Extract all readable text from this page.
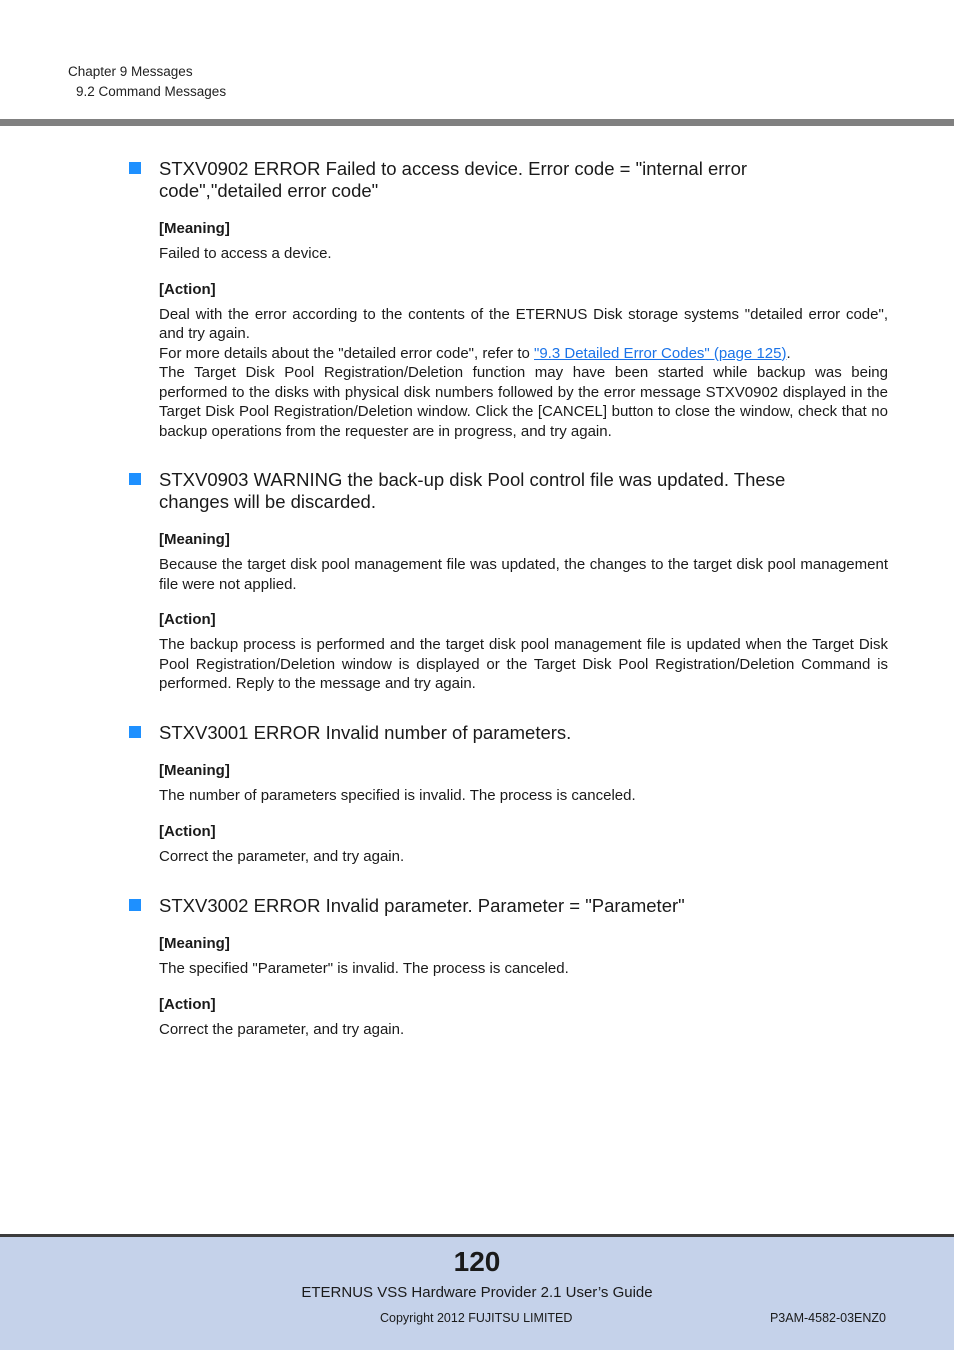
Chapter 9 Messages
9.2 Command Messages
STXV0902 ERROR Failed to access device. Error code = "internal error code","detailed error code"
[Meaning]
Failed to access a device.
[Action]
Deal with the error according to the contents of the ETERNUS Disk storage systems "detailed error code", and try again.
For more details about the "detailed error code", refer to "9.3 Detailed Error Codes" (page 125).
The Target Disk Pool Registration/Deletion function may have been started while backup was being performed to the disks with physical disk numbers followed by the error message STXV0902 displayed in the Target Disk Pool Registration/Deletion window. Click the [CANCEL] button to close the window, check that no backup operations from the requester are in progress, and try again.
STXV0903 WARNING the back-up disk Pool control file was updated. These changes will be discarded.
[Meaning]
Because the target disk pool management file was updated, the changes to the target disk pool management file were not applied.
[Action]
The backup process is performed and the target disk pool management file is updated when the Target Disk Pool Registration/Deletion window is displayed or the Target Disk Pool Registration/Deletion Command is performed. Reply to the message and try again.
STXV3001 ERROR Invalid number of parameters.
[Meaning]
The number of parameters specified is invalid. The process is canceled.
[Action]
Correct the parameter, and try again.
STXV3002 ERROR Invalid parameter. Parameter = "Parameter"
[Meaning]
The specified "Parameter" is invalid. The process is canceled.
[Action]
Correct the parameter, and try again.
120
ETERNUS VSS Hardware Provider 2.1 User’s Guide
Copyright 2012 FUJITSU LIMITED	P3AM-4582-03ENZ0
